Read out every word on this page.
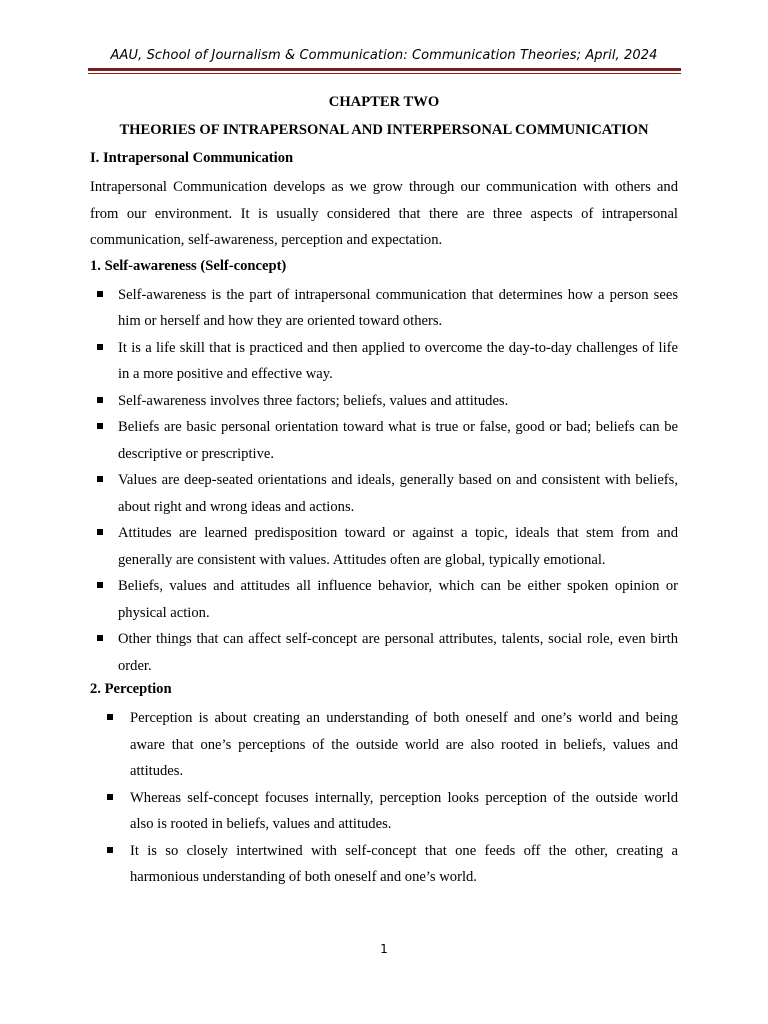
AAU, School of Journalism & Communication: Communication Theories; April, 2024

CHAPTER TWO

THEORIES OF INTRAPERSONAL AND INTERPERSONAL COMMUNICATION

I. Intrapersonal Communication

Intrapersonal Communication develops as we grow through our communication with others and from our environment. It is usually considered that there are three aspects of intrapersonal communication, self-awareness, perception and expectation.

1. Self-awareness (Self-concept)

Self-awareness is the part of intrapersonal communication that determines how a person sees him or herself and how they are oriented toward others.
It is a life skill that is practiced and then applied to overcome the day-to-day challenges of life in a more positive and effective way.
Self-awareness involves three factors; beliefs, values and attitudes.
Beliefs are basic personal orientation toward what is true or false, good or bad; beliefs can be descriptive or prescriptive.
Values are deep-seated orientations and ideals, generally based on and consistent with beliefs, about right and wrong ideas and actions.
Attitudes are learned predisposition toward or against a topic, ideals that stem from and generally are consistent with values. Attitudes often are global, typically emotional.
Beliefs, values and attitudes all influence behavior, which can be either spoken opinion or physical action.
Other things that can affect self-concept are personal attributes, talents, social role, even birth order.

2. Perception

Perception is about creating an understanding of both oneself and one’s world and being aware that one’s perceptions of the outside world are also rooted in beliefs, values and attitudes.
Whereas self-concept focuses internally, perception looks perception of the outside world also is rooted in beliefs, values and attitudes.
It is so closely intertwined with self-concept that one feeds off the other, creating a harmonious understanding of both oneself and one’s world.
1
